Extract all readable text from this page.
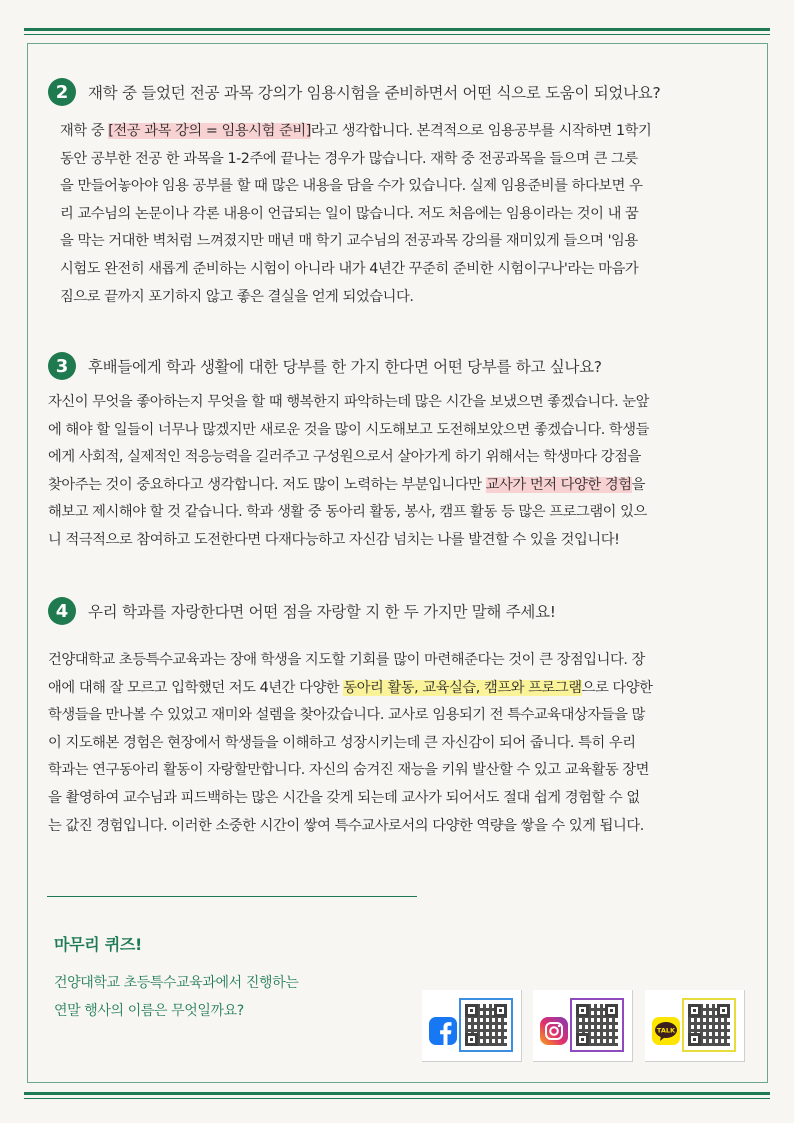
2	재학 중 들었던 전공 과목 강의가 임용시험을 준비하면서 어떤 식으로 도움이 되었나요?
재학 중 [전공 과목 강의 = 임용시험 준비]라고 생각합니다. 본격적으로 임용공부를 시작하면 1학기
동안 공부한 전공 한 과목을 1-2주에 끝나는 경우가 많습니다. 재학 중 전공과목을 들으며 큰 그릇
을 만들어놓아야 임용 공부를 할 때 많은 내용을 담을 수가 있습니다. 실제 임용준비를 하다보면 우
리 교수님의 논문이나 각론 내용이 언급되는 일이 많습니다. 저도 처음에는 임용이라는 것이 내 꿈
을 막는 거대한 벽처럼 느껴졌지만 매년 매 학기 교수님의 전공과목 강의를 재미있게 들으며 '임용
시험도 완전히 새롭게 준비하는 시험이 아니라 내가 4년간 꾸준히 준비한 시험이구나'라는 마음가
짐으로 끝까지 포기하지 않고 좋은 결실을 얻게 되었습니다.
3	후배들에게 학과 생활에 대한 당부를 한 가지 한다면 어떤 당부를 하고 싶나요?
자신이 무엇을 좋아하는지 무엇을 할 때 행복한지 파악하는데 많은 시간을 보냈으면 좋겠습니다. 눈앞
에 해야 할 일들이 너무나 많겠지만 새로운 것을 많이 시도해보고 도전해보았으면 좋겠습니다. 학생들
에게 사회적, 실제적인 적응능력을 길러주고 구성원으로서 살아가게 하기 위해서는 학생마다 강점을
찾아주는 것이 중요하다고 생각합니다. 저도 많이 노력하는 부분입니다만 교사가 먼저 다양한 경험을
해보고 제시해야 할 것 같습니다. 학과 생활 중 동아리 활동, 봉사, 캠프 활동 등 많은 프로그램이 있으
니 적극적으로 참여하고 도전한다면 다재다능하고 자신감 넘치는 나를 발견할 수 있을 것입니다!
4	우리 학과를 자랑한다면 어떤 점을 자랑할 지 한 두 가지만 말해 주세요!
건양대학교 초등특수교육과는 장애 학생을 지도할 기회를 많이 마련해준다는 것이 큰 장점입니다. 장
애에 대해 잘 모르고 입학했던 저도 4년간 다양한 동아리 활동, 교육실습, 캠프와 프로그램으로 다양한
학생들을 만나볼 수 있었고 재미와 설렘을 찾아갔습니다. 교사로 임용되기 전 특수교육대상자들을 많
이 지도해본 경험은 현장에서 학생들을 이해하고 성장시키는데 큰 자신감이 되어 줍니다. 특히 우리
학과는 연구동아리 활동이 자랑할만합니다. 자신의 숨겨진 재능을 키워 발산할 수 있고 교육활동 장면
을 촬영하여 교수님과 피드백하는 많은 시간을 갖게 되는데 교사가 되어서도 절대 쉽게 경험할 수 없
는 값진 경험입니다. 이러한 소중한 시간이 쌓여 특수교사로서의 다양한 역량을 쌓을 수 있게 됩니다.
마무리 퀴즈!
건양대학교 초등특수교육과에서 진행하는
연말 행사의 이름은 무엇일까요?
TALK
